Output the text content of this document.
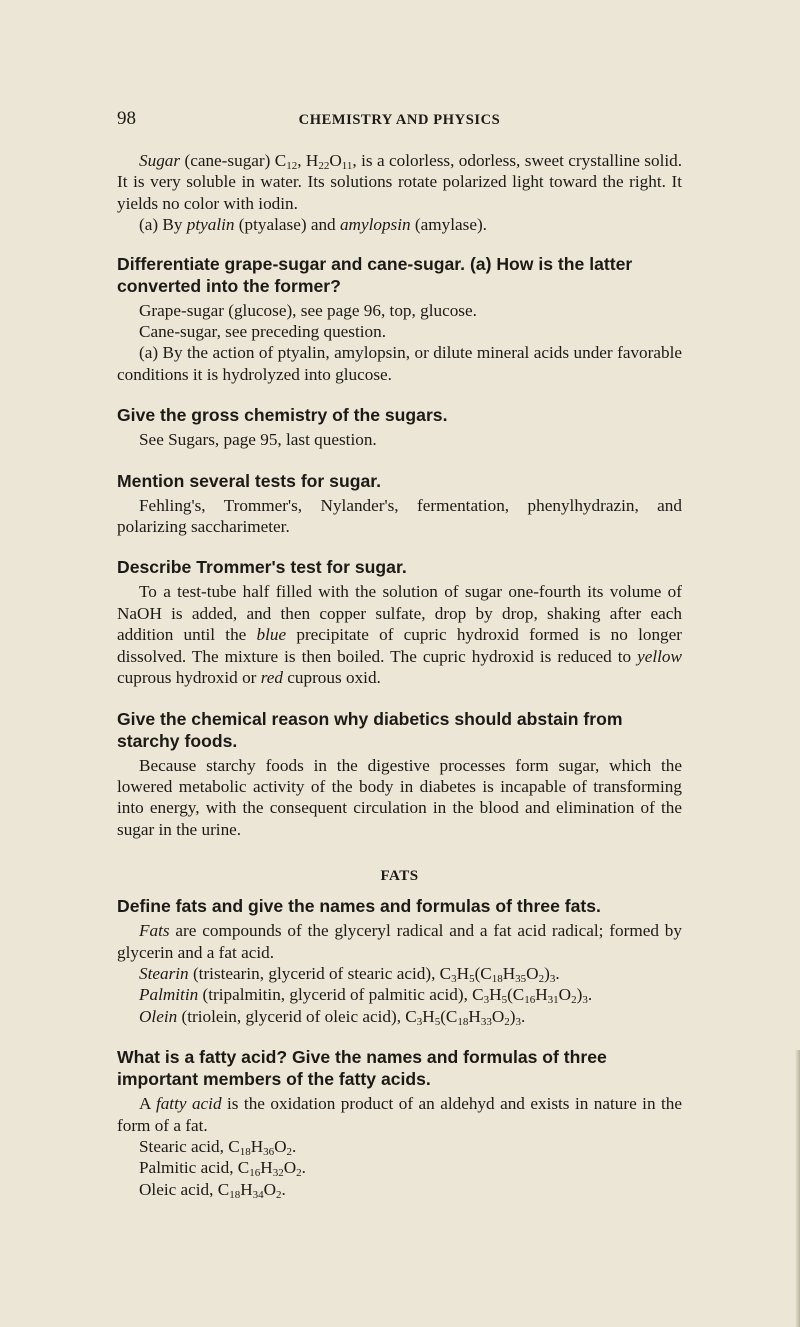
98	CHEMISTRY AND PHYSICS

Sugar (cane-sugar) $C_{12}$, $H_{22}O_{11}$, is a colorless, odorless, sweet crystalline solid. It is very soluble in water. Its solutions rotate polarized light toward the right. It yields no color with iodin.

(a) By ptyalin (ptyalase) and amylopsin (amylase).

Differentiate grape-sugar and cane-sugar. (a) How is the latter converted into the former?

Grape-sugar (glucose), see page 96, top, glucose.

Cane-sugar, see preceding question.

(a) By the action of ptyalin, amylopsin, or dilute mineral acids under favorable conditions it is hydrolyzed into glucose.

Give the gross chemistry of the sugars.

See Sugars, page 95, last question.

Mention several tests for sugar.

Fehling's, Trommer's, Nylander's, fermentation, phenylhydrazin, and polarizing saccharimeter.

Describe Trommer's test for sugar.

To a test-tube half filled with the solution of sugar one-fourth its volume of NaOH is added, and then copper sulfate, drop by drop, shaking after each addition until the blue precipitate of cupric hydroxid formed is no longer dissolved. The mixture is then boiled. The cupric hydroxid is reduced to yellow cuprous hydroxid or red cuprous oxid.

Give the chemical reason why diabetics should abstain from starchy foods.

Because starchy foods in the digestive processes form sugar, which the lowered metabolic activity of the body in diabetes is incapable of transforming into energy, with the consequent circulation in the blood and elimination of the sugar in the urine.

FATS
Define fats and give the names and formulas of three fats.

Fats are compounds of the glyceryl radical and a fat acid radical; formed by glycerin and a fat acid.

Stearin (tristearin, glycerid of stearic acid), $C_3H_5(C_{18}H_{35}O_2)_3$.

Palmitin (tripalmitin, glycerid of palmitic acid), $C_3H_5(C_{16}H_{31}O_2)_3$.

Olein (triolein, glycerid of oleic acid), $C_3H_5(C_{18}H_{33}O_2)_3$.

What is a fatty acid? Give the names and formulas of three important members of the fatty acids.

A fatty acid is the oxidation product of an aldehyd and exists in nature in the form of a fat.

Stearic acid, $C_{18}H_{36}O_2$.

Palmitic acid, $C_{16}H_{32}O_2$.

Oleic acid, $C_{18}H_{34}O_2$.
